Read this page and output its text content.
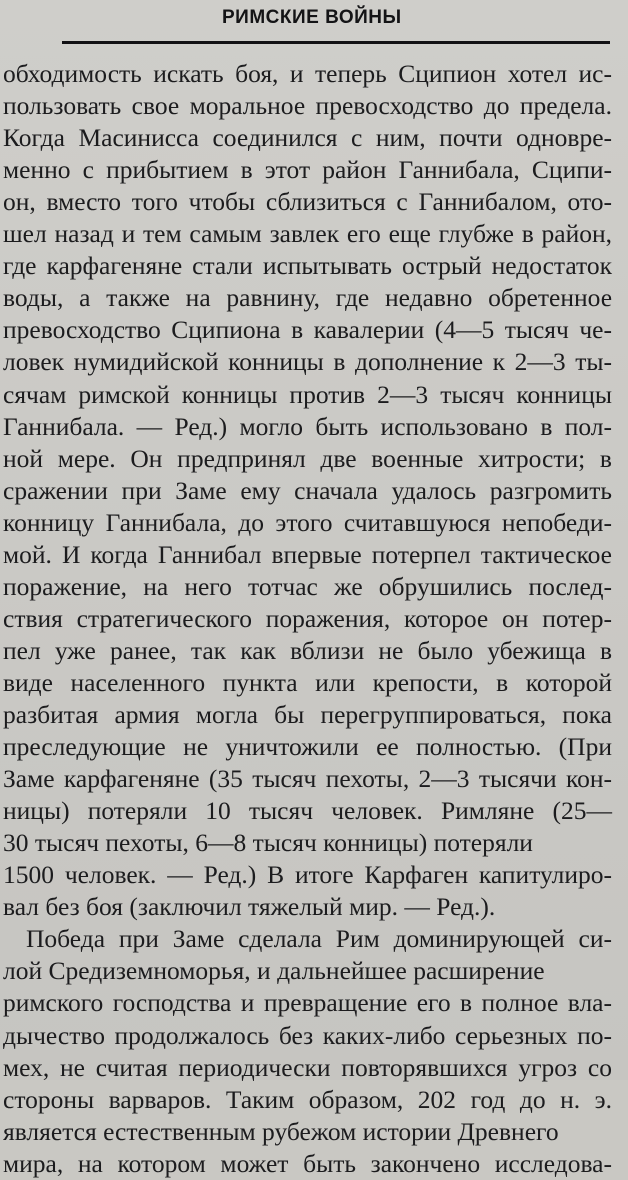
РИМСКИЕ ВОЙНЫ
обходимость искать боя, и теперь Сципион хотел ис-
пользовать свое моральное превосходство до предела.
Когда Масинисса соединился с ним, почти одновре-
менно с прибытием в этот район Ганнибала, Сципи-
он, вместо того чтобы сблизиться с Ганнибалом, ото-
шел назад и тем самым завлек его еще глубже в район,
где карфагеняне стали испытывать острый недостаток
воды, а также на равнину, где недавно обретенное
превосходство Сципиона в кавалерии (4—5 тысяч че-
ловек нумидийской конницы в дополнение к 2—3 ты-
сячам римской конницы против 2—3 тысяч конницы
Ганнибала. — Ред.) могло быть использовано в пол-
ной мере. Он предпринял две военные хитрости; в
сражении при Заме ему сначала удалось разгромить
конницу Ганнибала, до этого считавшуюся непобеди-
мой. И когда Ганнибал впервые потерпел тактическое
поражение, на него тотчас же обрушились послед-
ствия стратегического поражения, которое он потер-
пел уже ранее, так как вблизи не было убежища в
виде населенного пункта или крепости, в которой
разбитая армия могла бы перегруппироваться, пока
преследующие не уничтожили ее полностью. (При
Заме карфагеняне (35 тысяч пехоты, 2—3 тысячи кон-
ницы) потеряли 10 тысяч человек. Римляне (25—
30 тысяч пехоты, 6—8 тысяч конницы) потеряли
1500 человек. — Ред.) В итоге Карфаген капитулиро-
вал без боя (заключил тяжелый мир. — Ред.).
Победа при Заме сделала Рим доминирующей си-
лой Средиземноморья, и дальнейшее расширение
римского господства и превращение его в полное вла-
дычество продолжалось без каких-либо серьезных по-
мех, не считая периодически повторявшихся угроз со
стороны варваров. Таким образом, 202 год до н. э.
является естественным рубежом истории Древнего
мира, на котором может быть закончено исследова-
